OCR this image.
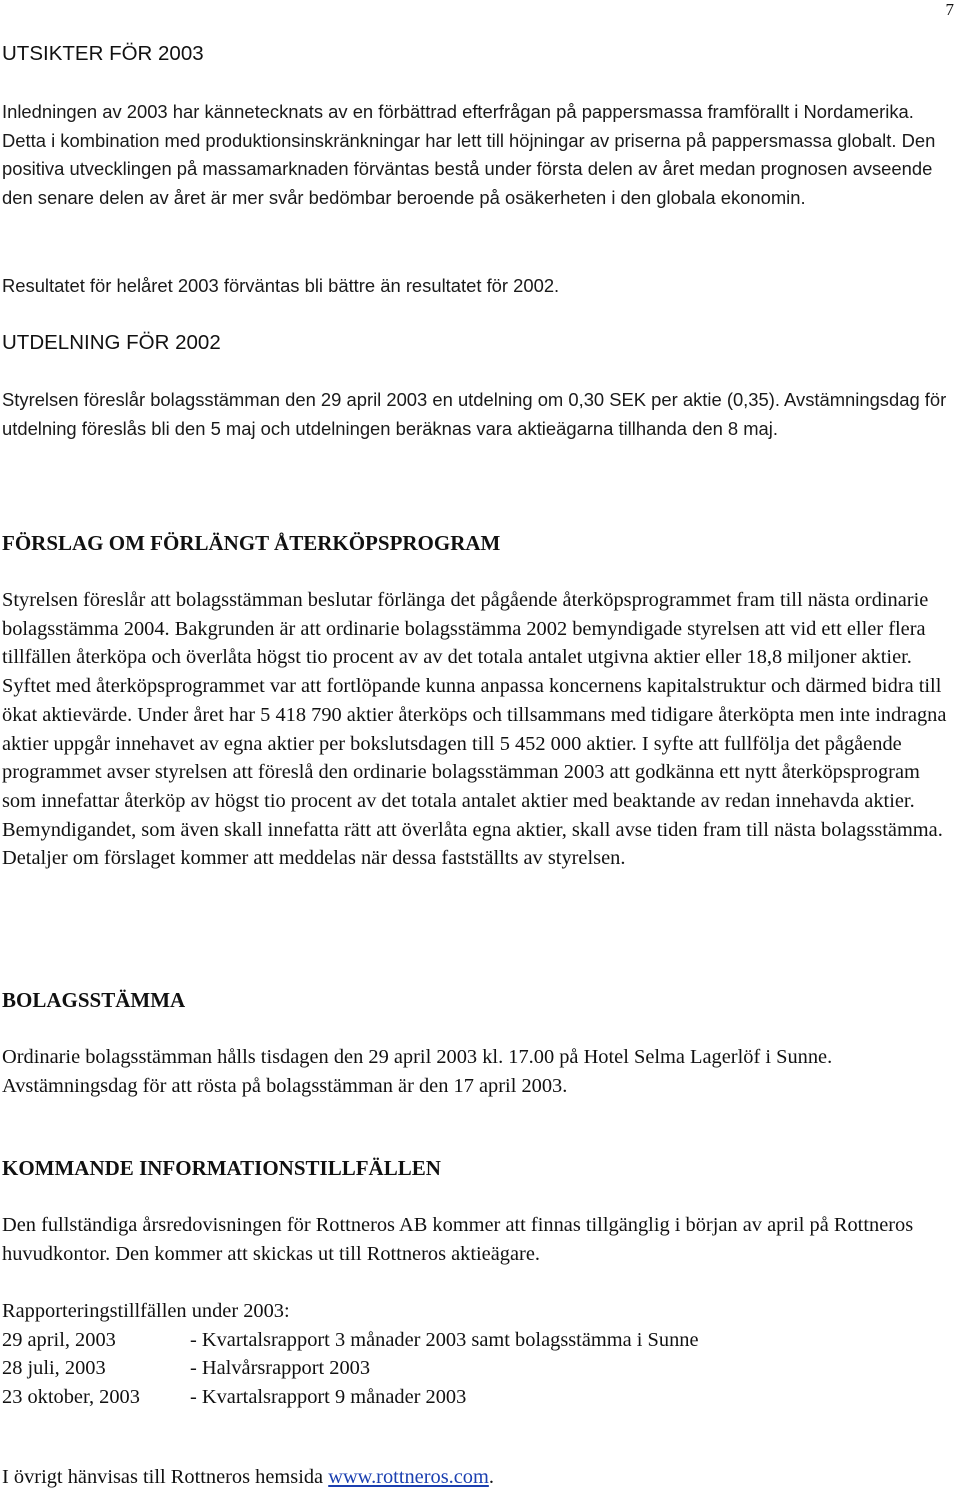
7

UTSIKTER FÖR 2003

Inledningen av 2003 har kännetecknats av en förbättrad efterfrågan på pappersmassa framförallt i Nordamerika. Detta i kombination med produktionsinskränkningar har lett till höjningar av priserna på pappersmassa globalt. Den positiva utvecklingen på massamarknaden förväntas bestå under första delen av året medan prognosen avseende den senare delen av året är mer svår bedömbar beroende på osäkerheten i den globala ekonomin.

Resultatet för helåret 2003 förväntas bli bättre än resultatet för 2002.

UTDELNING FÖR 2002

Styrelsen föreslår bolagsstämman den 29 april 2003 en utdelning om 0,30 SEK per aktie (0,35). Avstämningsdag för utdelning föreslås bli den 5 maj och utdelningen beräknas vara aktieägarna tillhanda den 8 maj.

FÖRSLAG OM FÖRLÄNGT ÅTERKÖPSPROGRAM

Styrelsen föreslår att bolagsstämman beslutar förlänga det pågående återköpsprogrammet fram till nästa ordinarie bolagsstämma 2004. Bakgrunden är att ordinarie bolagsstämma 2002 bemyndigade styrelsen att vid ett eller flera tillfällen återköpa och överlåta högst tio procent av av det totala antalet utgivna aktier eller 18,8 miljoner aktier. Syftet med återköpsprogrammet var att fortlöpande kunna anpassa koncernens kapitalstruktur och därmed bidra till ökat aktievärde. Under året har 5 418 790 aktier återköps och tillsammans med tidigare återköpta men inte indragna aktier uppgår innehavet av egna aktier per bokslutsdagen till 5 452 000 aktier. I syfte att fullfölja det pågående programmet avser styrelsen att föreslå den ordinarie bolagsstämman 2003 att godkänna ett nytt återköpsprogram som innefattar återköp av högst tio procent av det totala antalet aktier med beaktande av redan innehavda aktier. Bemyndigandet, som även skall innefatta rätt att överlåta egna aktier, skall avse tiden fram till nästa bolagsstämma. Detaljer om förslaget kommer att meddelas när dessa fastställts av styrelsen.

BOLAGSSTÄMMA

Ordinarie bolagsstämman hålls tisdagen den 29 april 2003 kl. 17.00 på Hotel Selma Lagerlöf i Sunne. Avstämningsdag för att rösta på bolagsstämman är den 17 april 2003.

KOMMANDE INFORMATIONSTILLFÄLLEN

Den fullständiga årsredovisningen för Rottneros AB kommer att finnas tillgänglig i början av april på Rottneros huvudkontor. Den kommer att skickas ut till Rottneros aktieägare.

Rapporteringstillfällen under 2003:

29 april, 2003	- Kvartalsrapport 3 månader 2003 samt bolagsstämma i Sunne
28 juli, 2003	- Halvårsrapport 2003
23 oktober, 2003	- Kvartalsrapport 9 månader 2003

I övrigt hänvisas till Rottneros hemsida www.rottneros.com.
